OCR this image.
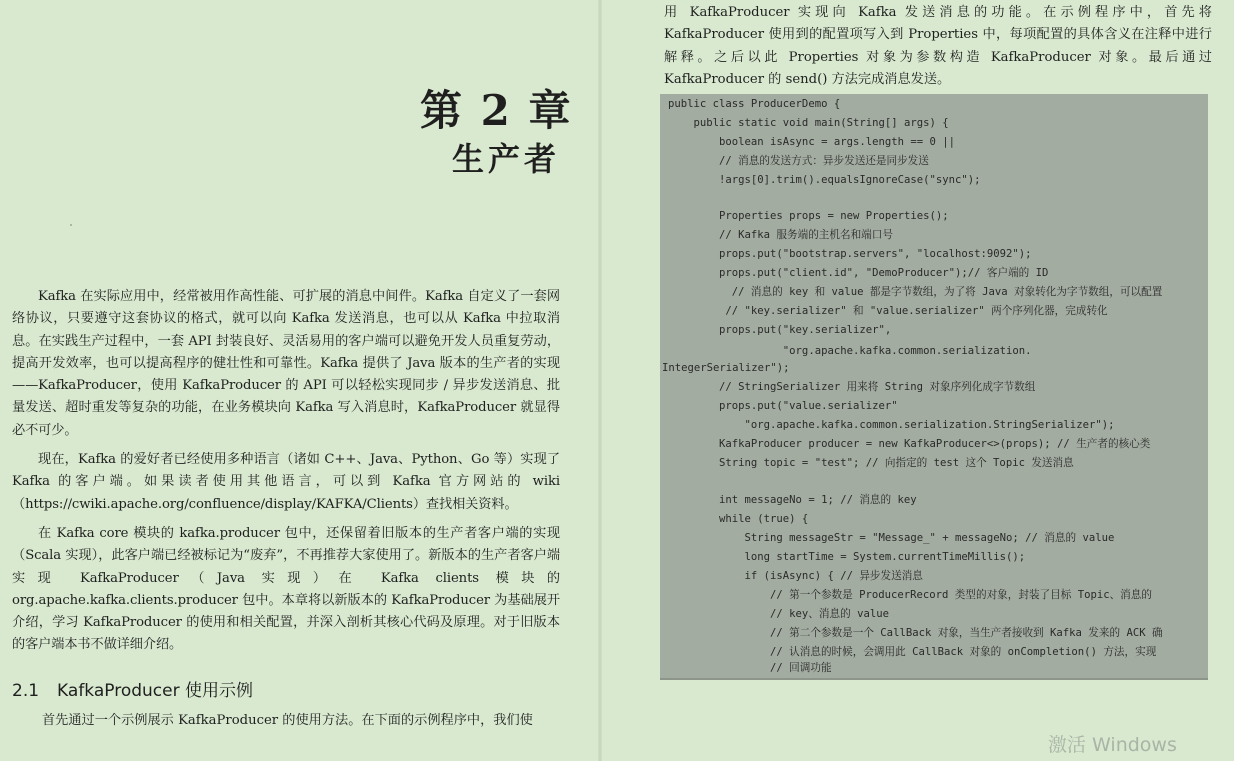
第 2 章
生产者

Kafka 在实际应用中，经常被用作高性能、可扩展的消息中间件。Kafka 自定义了一套网络协议，只要遵守这套协议的格式，就可以向 Kafka 发送消息，也可以从 Kafka 中拉取消息。在实践生产过程中，一套 API 封装良好、灵活易用的客户端可以避免开发人员重复劳动，提高开发效率，也可以提高程序的健壮性和可靠性。Kafka 提供了 Java 版本的生产者的实现——KafkaProducer，使用 KafkaProducer 的 API 可以轻松实现同步 / 异步发送消息、批量发送、超时重发等复杂的功能，在业务模块向 Kafka 写入消息时，KafkaProducer 就显得必不可少。

现在，Kafka 的爱好者已经使用多种语言（诸如 C++、Java、Python、Go 等）实现了 Kafka 的客户端。如果读者使用其他语言，可以到 Kafka 官方网站的 wiki（https://cwiki.apache.org/confluence/display/KAFKA/Clients）查找相关资料。

在 Kafka core 模块的 kafka.producer 包中，还保留着旧版本的生产者客户端的实现（Scala 实现），此客户端已经被标记为“废弃”，不再推荐大家使用了。新版本的生产者客户端实现 KafkaProducer（Java 实现）在 Kafka clients 模块的 org.apache.kafka.clients.producer 包中。本章将以新版本的 KafkaProducer 为基础展开介绍，学习 KafkaProducer 的使用和相关配置，并深入剖析其核心代码及原理。对于旧版本的客户端本书不做详细介绍。

2.1 KafkaProducer 使用示例
首先通过一个示例展示 KafkaProducer 的使用方法。在下面的示例程序中，我们使

用 KafkaProducer 实现向 Kafka 发送消息的功能。在示例程序中，首先将 KafkaProducer 使用到的配置项写入到 Properties 中，每项配置的具体含义在注释中进行解释。之后以此 Properties 对象为参数构造 KafkaProducer 对象。最后通过 KafkaProducer 的 send() 方法完成消息发送。

public class ProducerDemo {
public static void main(String[] args) {
boolean isAsync = args.length == 0 ||
// 消息的发送方式：异步发送还是同步发送
!args[0].trim().equalsIgnoreCase("sync");
Properties props = new Properties();
// Kafka 服务端的主机名和端口号
props.put("bootstrap.servers", "localhost:9092");
props.put("client.id", "DemoProducer");// 客户端的 ID
// 消息的 key 和 value 都是字节数组，为了将 Java 对象转化为字节数组，可以配置
// "key.serializer" 和 "value.serializer" 两个序列化器，完成转化
props.put("key.serializer",
"org.apache.kafka.common.serialization.
IntegerSerializer");
// StringSerializer 用来将 String 对象序列化成字节数组
props.put("value.serializer"
"org.apache.kafka.common.serialization.StringSerializer");
KafkaProducer producer = new KafkaProducer<>(props); // 生产者的核心类
String topic = "test"; // 向指定的 test 这个 Topic 发送消息
int messageNo = 1; // 消息的 key
while (true) {
String messageStr = "Message_" + messageNo; // 消息的 value
long startTime = System.currentTimeMillis();
if (isAsync) { // 异步发送消息
// 第一个参数是 ProducerRecord 类型的对象，封装了目标 Topic、消息的
// key、消息的 value
// 第二个参数是一个 CallBack 对象，当生产者接收到 Kafka 发来的 ACK 确
// 认消息的时候，会调用此 CallBack 对象的 onCompletion() 方法，实现
// 回调功能
激活 Windows
